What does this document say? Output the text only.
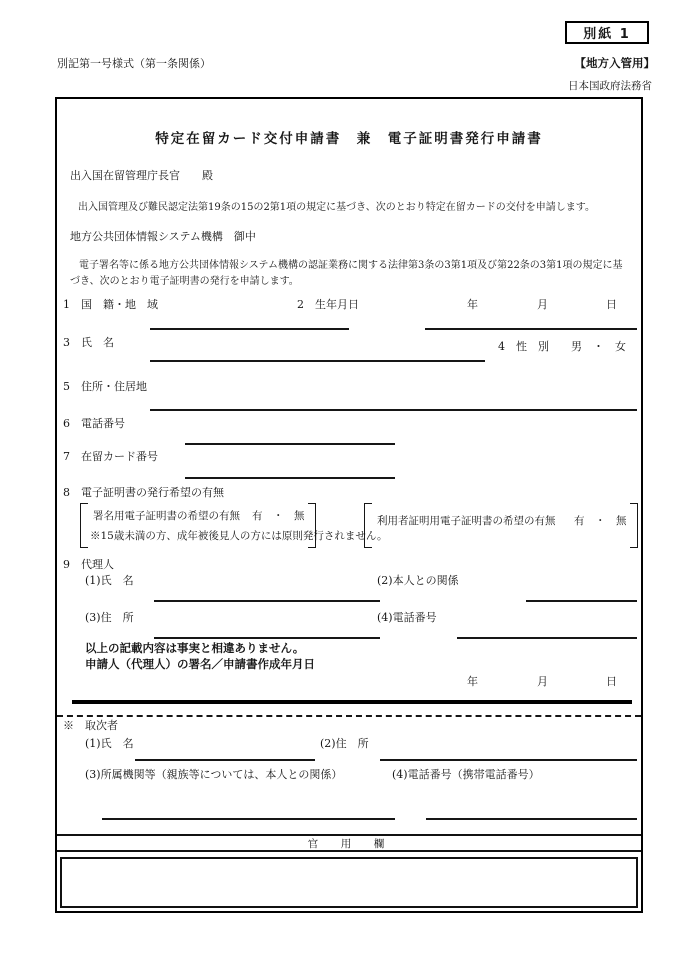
別紙 1
別記第一号様式（第一条関係）	【地方入管用】
日本国政府法務省
特定在留カード交付申請書　兼　電子証明書発行申請書
出入国在留管理庁長官　　殿
出入国管理及び難民認定法第19条の15の2第1項の規定に基づき、次のとおり特定在留カードの交付を申請します。
地方公共団体情報システム機構　御中
電子署名等に係る地方公共団体情報システム機構の認証業務に関する法律第3条の3第1項及び第22条の3第1項の規定に基づき、次のとおり電子証明書の発行を申請します。
1　国　籍・地　域	2　生年月日	年	月	日
3　氏　名	4　性　別 男　・　女
5　住所・住居地
6　電話番号
7　在留カード番号
8　電子証明書の発行希望の有無
署名用電子証明書の希望の有無 有　・　無
※15歳未満の方、成年被後見人の方には原則発行されません。
利用者証明用電子証明書の希望の有無 有　・　無
9　代理人
(1)氏　名	(2)本人との関係
(3)住　所	(4)電話番号
以上の記載内容は事実と相違ありません。
申請人（代理人）の署名／申請書作成年月日
年	月	日
※　取次者
(1)氏　名	(2)住　所
(3)所属機関等（親族等については、本人との関係）	(4)電話番号（携帯電話番号）
官　用　欄
